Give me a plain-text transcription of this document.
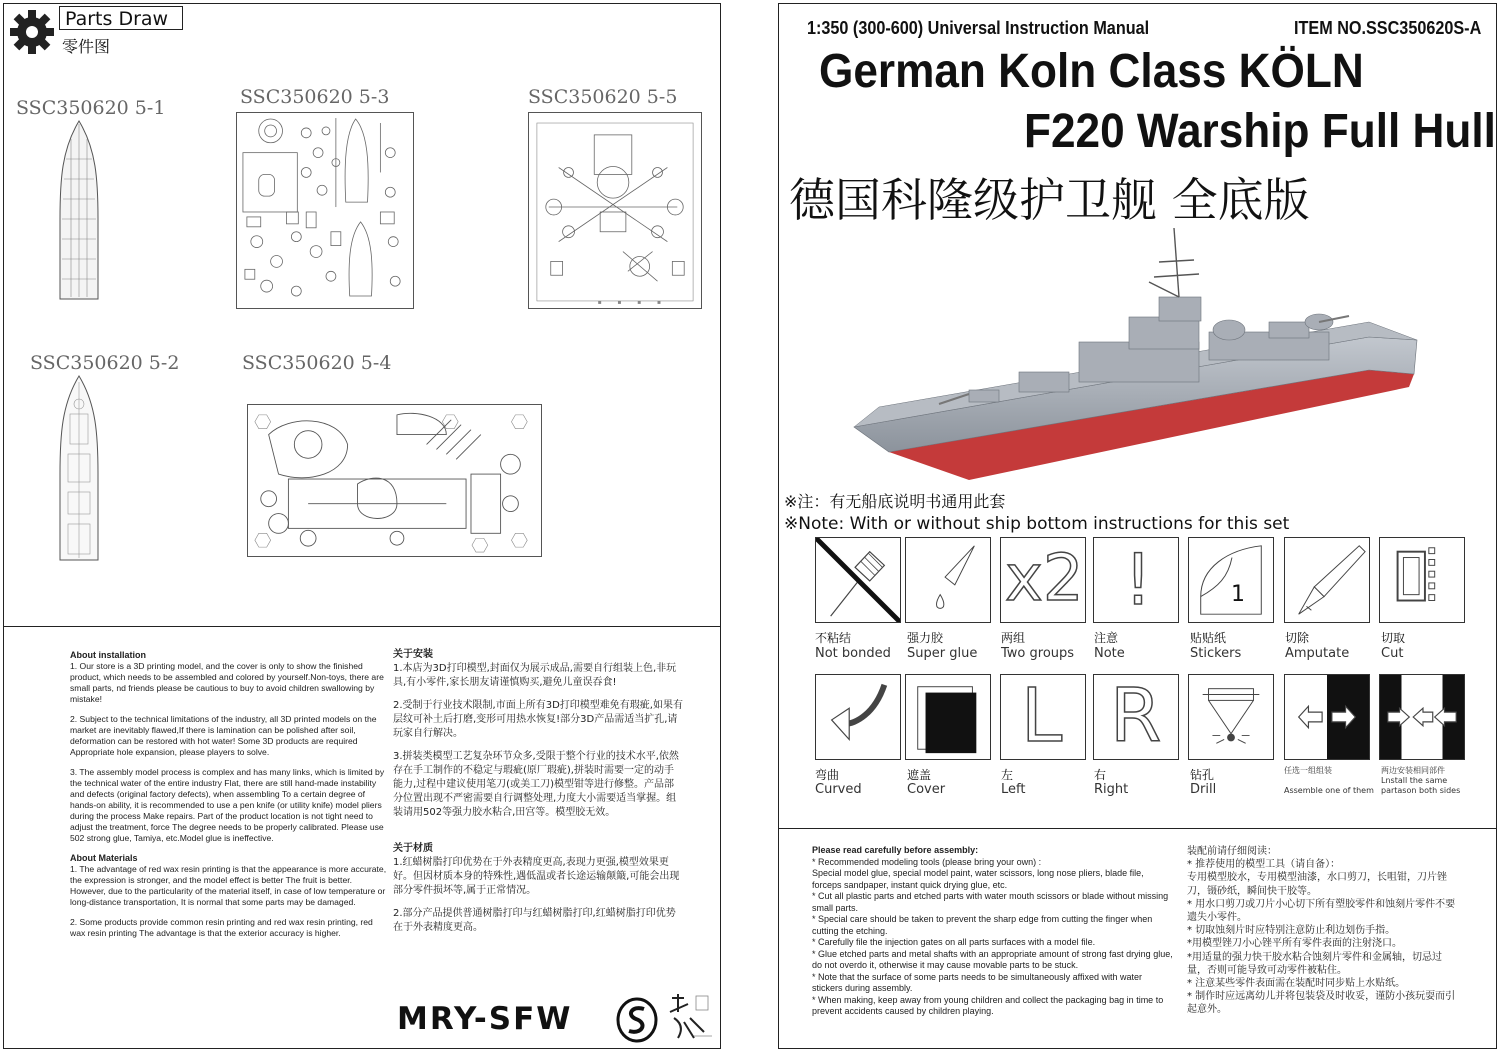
Parts Draw
零件图
SSC350620 5-1	SSC350620 5-3	SSC350620 5-5
SSC350620 5-2	SSC350620 5-4
About installation

1. Our store is a 3D printing model, and the cover is only to show the finished product, which needs to be assembled and colored by yourself.Non-toys, there are small parts, nd friends please be cautious to buy to avoid children swallowing by mistake!

2. Subject to the technical limitations of the industry, all 3D printed models on the market are inevitably flawed,If there is lamination can be polished after soil, deformation can be restored with hot water! Some 3D products are required Appropriate hole expansion, please players to solve.

3. The assembly model process is complex and has many links, which is limited by the technical water of the entire industry Flat, there are still hand-made instability and defects (original factory defects), when assembling To a certain degree of hands-on ability, it is recommended to use a pen knife (or utility knife) model pliers during the process Make repairs. Part of the product location is not tight need to adjust the treatment, force The degree needs to be properly calibrated. Please use 502 strong glue, Tamiya, etc.Model glue is ineffective.

About Materials

1. The advantage of red wax resin printing is that the appearance is more accurate, the expression is stronger, and the model effect is better The fruit is better. However, due to the particularity of the material itself, in case of low temperature or long-distance transportation, It is normal that some parts may be damaged.

2. Some products provide common resin printing and red wax resin printing, red wax resin printing The advantage is that the exterior accuracy is higher.

关于安装

1.本店为3D打印模型,封面仅为展示成品,需要自行组装上色,非玩具,有小零件,家长朋友请谨慎购买,避免儿童误吞食!

2.受制于行业技术限制,市面上所有3D打印模型难免有瑕疵,如果有层纹可补土后打磨,变形可用热水恢复!部分3D产品需适当扩孔,请玩家自行解决。

3.拼装类模型工艺复杂环节众多,受限于整个行业的技术水平,依然存在手工制作的不稳定与瑕疵(原厂瑕疵),拼装时需要一定的动手能力,过程中建议使用笔刀(或美工刀)模型钳等进行修整。产品部分位置出现不严密需要自行调整处理,力度大小需要适当掌握。组装请用502等强力胶水粘合,田宫等。模型胶无效。

关于材质

1.红蜡树脂打印优势在于外表精度更高,表现力更强,模型效果更好。但因材质本身的特殊性,遇低温或者长途运输颠簸,可能会出现部分零件损坏等,属于正常情况。

2.部分产品提供普通树脂打印与红蜡树脂打印,红蜡树脂打印优势在于外表精度更高。

MRY-SFW
1:350 (300-600) Universal Instruction Manual	ITEM NO.SSC350620S-A
German Koln Class KÖLN
F220 Warship Full Hull
德国科隆级护卫舰 全底版
※注：有无船底说明书通用此套
※Note: With or without ship bottom instructions for this set
不粘结
Not bonded
强力胶
Super glue
x2
两组
Two groups
!
注意
Note
1
贴贴纸
Stickers
切除
Amputate
切取
Cut
弯曲
Curved
遮盖
Cover
L
左
Left
R
右
Right
钻孔
Drill
任选一组组装
Assemble one of them
两边安装相同部件
Lnstall the same
partason both sides
Please read carefully before assembly:
* Recommended modeling tools (please bring your own) :
Special model glue, special model paint, water scissors, long nose pliers, blade file, forceps sandpaper, instant quick drying glue, etc.
* Cut all plastic parts and etched parts with water mouth scissors or blade without missing small parts.
* Special care should be taken to prevent the sharp edge from cutting the finger when cutting the etching.
* Carefully file the injection gates on all parts surfaces with a model file.
* Glue etched parts and metal shafts with an appropriate amount of strong fast drying glue, do not overdo it, otherwise it may cause movable parts to be stuck.
* Note that the surface of some parts needs to be simultaneously affixed with water stickers during assembly.
* When making, keep away from young children and collect the packaging bag in time to prevent accidents caused by children playing.
装配前请仔细阅读：
* 推荐使用的模型工具（请自备）：
专用模型胶水，专用模型油漆，水口剪刀，长咀钳，刀片锉刀，镊砂纸，瞬间快干胶等。
* 用水口剪刀或刀片小心切下所有塑胶零件和蚀刻片零件不要遗失小零件。
* 切取蚀刻片时应特别注意防止利边划伤手指。
*用模型锉刀小心锉平所有零件表面的注射浇口。
*用适量的强力快干胶水粘合蚀刻片零件和金属轴，切忌过量，否则可能导致可动零件被粘住。
* 注意某些零件表面需在装配时同步贴上水贴纸。
* 制作时应远离幼儿并将包装袋及时收妥，谨防小孩玩耍而引起意外。
